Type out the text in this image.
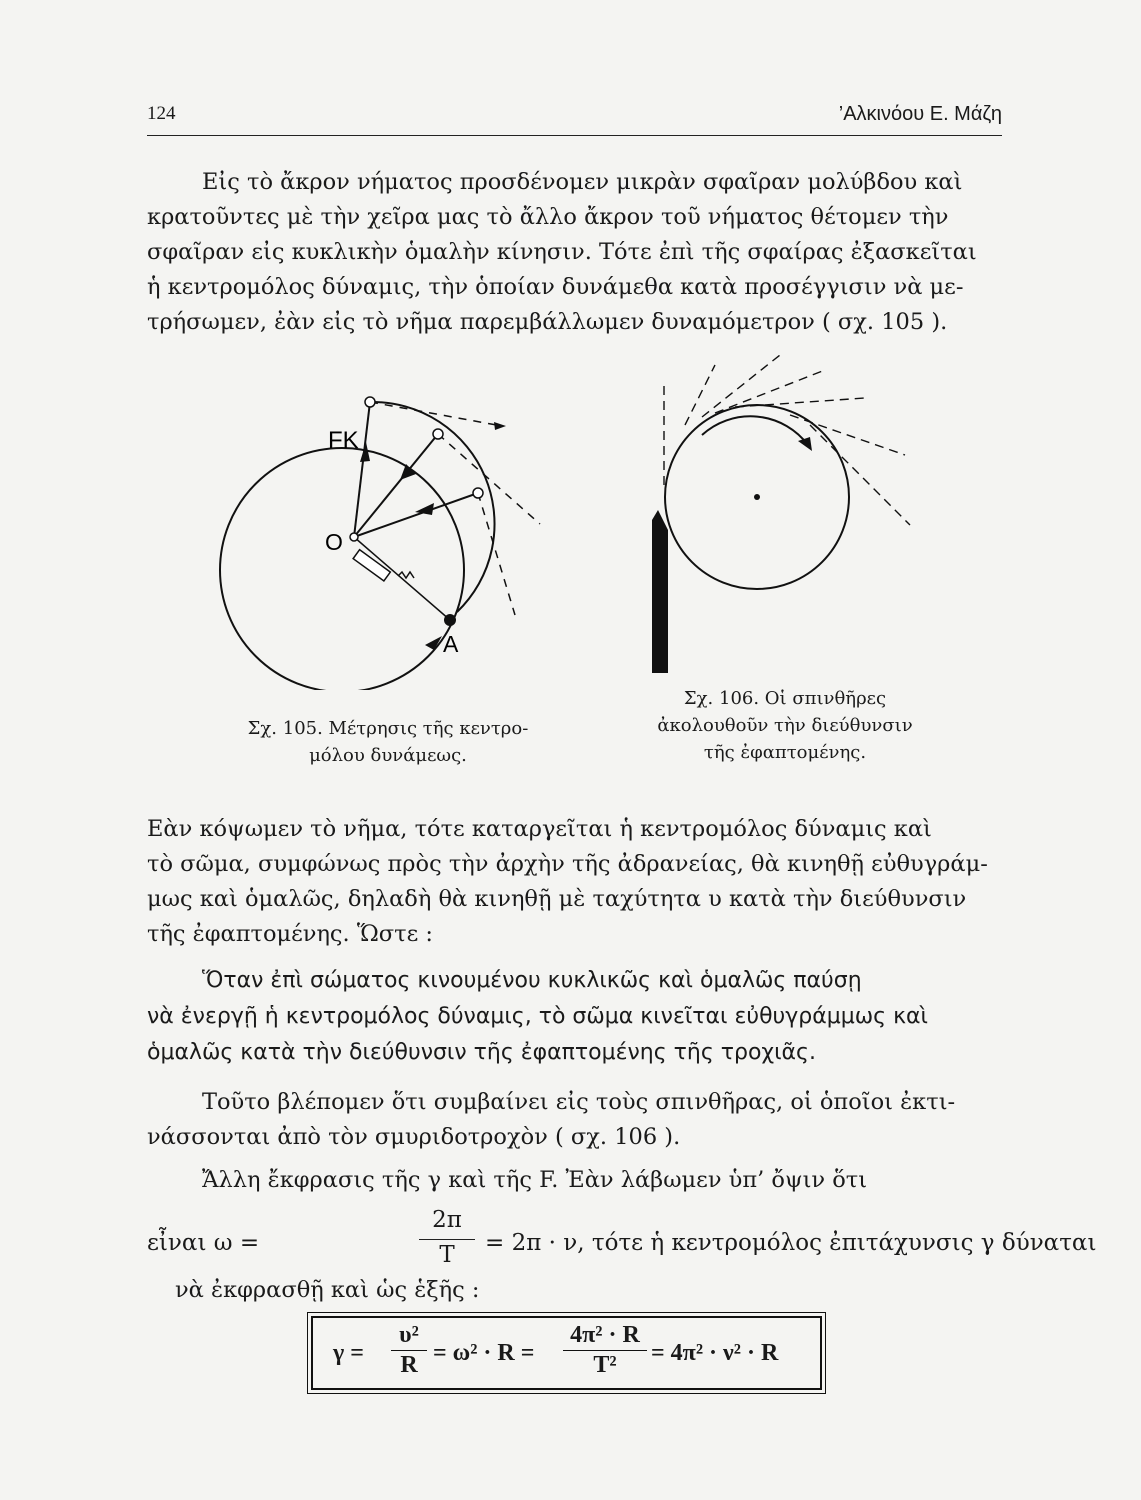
124	’Αλκινόου Ε. Μάζη
Εἰς τὸ ἄκρον νήματος προσδένομεν μικρὰν σφαῖραν μολύβδου καὶ
κρατοῦντες μὲ τὴν χεῖρα μας τὸ ἄλλο ἄκρον τοῦ νήματος θέτομεν τὴν
σφαῖραν εἰς κυκλικὴν ὁμαλὴν κίνησιν. Τότε ἐπὶ τῆς σφαίρας ἐξασκεῖται
ἡ κεντρομόλος δύναμις, τὴν ὁποίαν δυνάμεθα κατὰ προσέγγισιν νὰ με-
τρήσωμεν, ἐὰν εἰς τὸ νῆμα παρεμβάλλωμεν δυναμόμετρον ( σχ. 105 ).
FK
O
A
Σχ. 105. Μέτρησις τῆς κεντρο-
μόλου δυνάμεως.
Σχ. 106. Οἱ σπινθῆρες
ἀκολουθοῦν τὴν διεύθυνσιν
τῆς ἐφαπτομένης.
Εὰν κόψωμεν τὸ νῆμα, τότε καταργεῖται ἡ κεντρομόλος δύναμις καὶ
τὸ σῶμα, συμφώνως πρὸς τὴν ἀρχὴν τῆς ἀδρανείας, θὰ κινηθῇ εὐθυγράμ-
μως καὶ ὁμαλῶς, δηλαδὴ θὰ κινηθῇ μὲ ταχύτητα υ κατὰ τὴν διεύθυνσιν
τῆς ἐφαπτομένης. Ὥστε :
Ὅταν ἐπὶ σώματος κινουμένου κυκλικῶς καὶ ὁμαλῶς παύσῃ
νὰ ἐνεργῇ ἡ κεντρομόλος δύναμις, τὸ σῶμα κινεῖται εὐθυγράμμως καὶ
ὁμαλῶς κατὰ τὴν διεύθυνσιν τῆς ἐφαπτομένης τῆς τροχιᾶς.
Τοῦτο βλέπομεν ὅτι συμβαίνει εἰς τοὺς σπινθῆρας, οἱ ὁποῖοι ἐκτι-
νάσσονται ἀπὸ τὸν σμυριδοτροχὸν ( σχ. 106 ).
Ἄλλη ἔκφρασις τῆς γ καὶ τῆς F. Ἐὰν λάβωμεν ὑπ’ ὄψιν ὅτι
εἶναι ω =	$\frac{2\pi}{T} = 2\pi \cdot \nu$, τότε ἡ κεντρομόλος ἐπιτάχυνσις γ δύναται
νὰ ἐκφρασθῇ καὶ ὡς ἑξῆς :
$\gamma = \frac{\text{υ²}}{R} = \omega^2 \cdot R = \frac{\text{4π² · R}}{\text{T²}} = 4\pi^2 \cdot \nu^2 \cdot R$
